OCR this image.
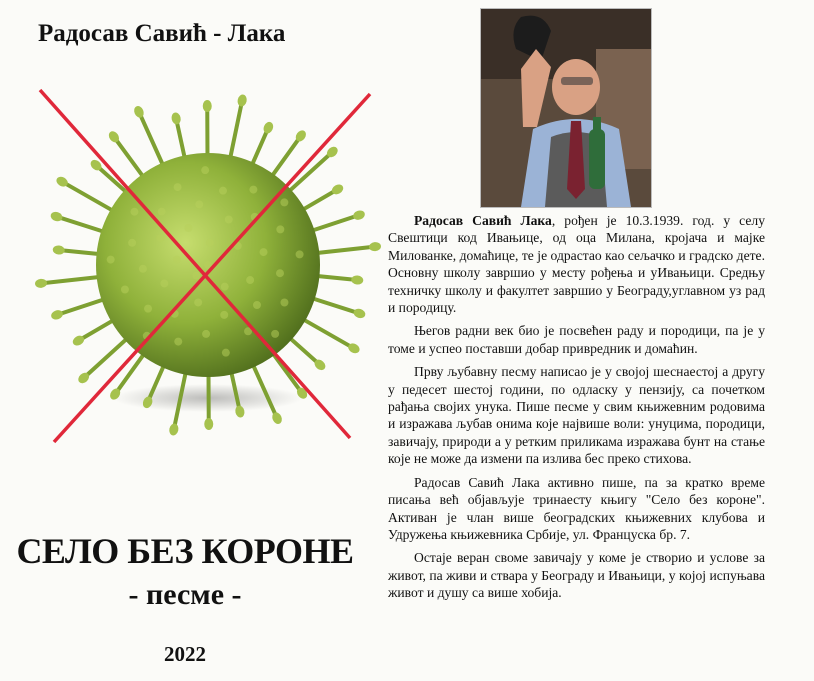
Радосав Савић - Лака
СЕЛО БЕЗ КОРОНЕ
- песме -
2022

Радосав Савић Лака, рођен је 10.3.1939. год. у селу Свештици код Ивањице, од оца Милана, кројача и мајке Милованке, домаћице, те је одрастао као сељачко и градско дете. Основну школу завршио у месту рођења и уИвањици. Средњу техничку школу и факултет завршио у Београду,углавном уз рад и породицу.

Његов радни век био је посвећен раду и породици, па је у томе и успео поставши добар привредник и домаћин.

Прву љубавну песму написао је у својој шеснаестој а другу у педесет шестој години, по одласку у пензију, са почетком рађања својих унука. Пише песме у свим књижевним родовима и изражава љубав онима које највише воли: унуцима, породици, завичају, природи а у ретким приликама изражава бунт на стање које не може да измени па излива бес преко стихова.

Радосав Савић Лака активно пише, па за кратко време писања већ објављује тринаесту књигу "Село без короне". Активан је члан више београдских књижевних клубова и Удружења књижевника Србије, ул. Француска бр. 7.

Остаје веран своме завичају у коме је створио и услове за живот, па живи и ствара у Београду и Ивањици, у којој испуњава живот и душу са више хобија.
